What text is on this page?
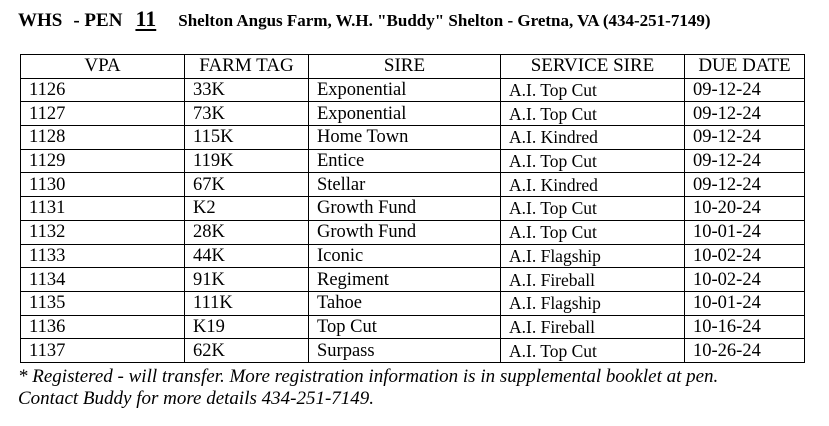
WHS - PEN 11 Shelton Angus Farm, W.H. "Buddy" Shelton - Gretna, VA (434-251-7149)
VPA	FARM TAG	SIRE	SERVICE SIRE	DUE DATE
1126	33K	Exponential	A.I. Top Cut	09-12-24
1127	73K	Exponential	A.I. Top Cut	09-12-24
1128	115K	Home Town	A.I. Kindred	09-12-24
1129	119K	Entice	A.I. Top Cut	09-12-24
1130	67K	Stellar	A.I. Kindred	09-12-24
1131	K2	Growth Fund	A.I. Top Cut	10-20-24
1132	28K	Growth Fund	A.I. Top Cut	10-01-24
1133	44K	Iconic	A.I. Flagship	10-02-24
1134	91K	Regiment	A.I. Fireball	10-02-24
1135	111K	Tahoe	A.I. Flagship	10-01-24
1136	K19	Top Cut	A.I. Fireball	10-16-24
1137	62K	Surpass	A.I. Top Cut	10-26-24
* Registered - will transfer. More registration information is in supplemental booklet at pen.
Contact Buddy for more details 434-251-7149.
